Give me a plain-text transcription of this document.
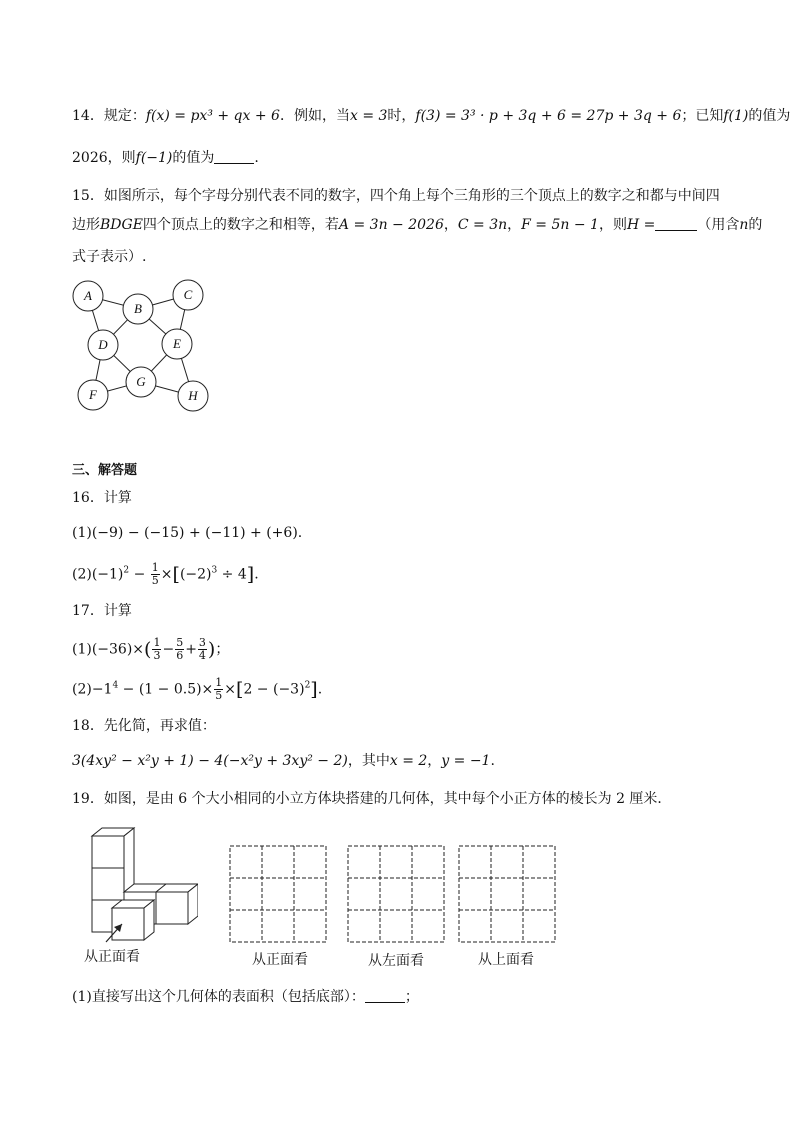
14．规定：f(x) = px³ + qx + 6．例如，当x = 3时，f(3) = 3³ · p + 3q + 6 = 27p + 3q + 6；已知f(1)的值为
2026，则f(−1)的值为	.
15．如图所示，每个字母分别代表不同的数字，四个角上每个三角形的三个顶点上的数字之和都与中间四
边形BDGE四个顶点上的数字之和相等，若A = 3n − 2026，C = 3n，F = 5n − 1，则H =	（用含n的
式子表示）.
A
B
C
D	E
F
G
H
三、解答题
16．计算
(1)(−9) − (−15) + (−11) + (+6).
$(2)(-1)^2 - \frac{1}{5} \times[(-2)^3 \div 4]$.
17．计算
$(1)(-36)\times( \frac{1}{3} - \frac{5}{6} + \frac{3}{4}$ )；
$(2)-1^4 - (1 - 0.5)\times \frac{1}{5} \times[2 - (-3)^2]$.
18．先化简，再求值：
3(4xy² − x²y + 1) − 4(−x²y + 3xy² − 2)，其中x = 2，y = −1.
19．如图，是由 6 个大小相同的小立方体块搭建的几何体，其中每个小正方体的棱长为 2 厘米．
从正面看	从正面看	从左面看	从上面看
(1)直接写出这个几何体的表面积（包括底部）：	；
